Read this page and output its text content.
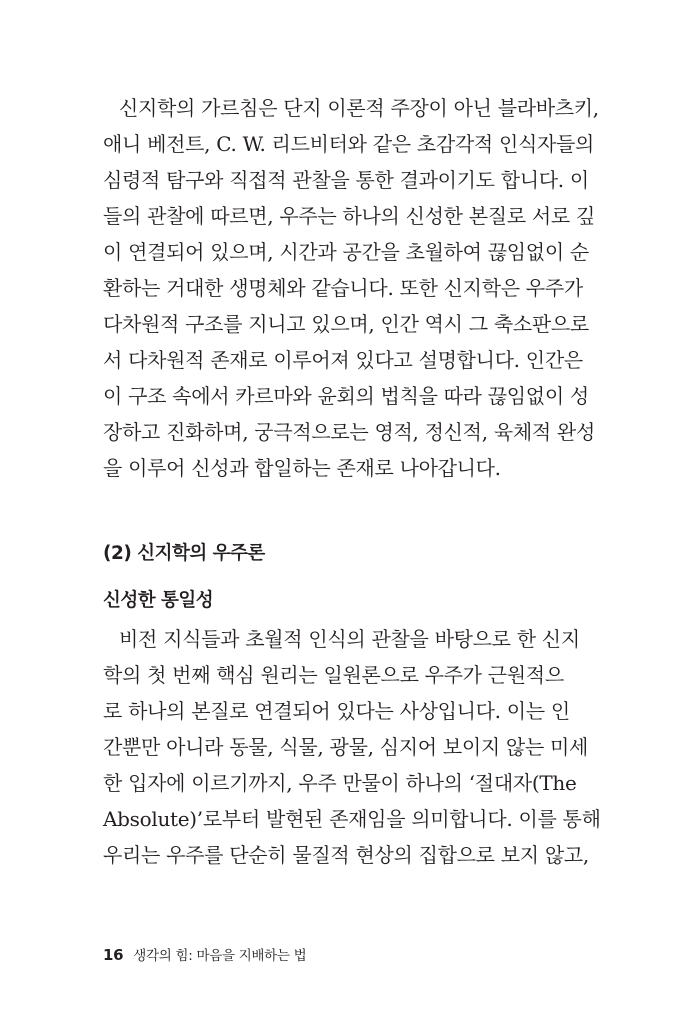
신지학의 가르침은 단지 이론적 주장이 아닌 블라바츠키,
애니 베전트, C. W. 리드비터와 같은 초감각적 인식자들의
심령적 탐구와 직접적 관찰을 통한 결과이기도 합니다. 이
들의 관찰에 따르면, 우주는 하나의 신성한 본질로 서로 깊
이 연결되어 있으며, 시간과 공간을 초월하여 끊임없이 순
환하는 거대한 생명체와 같습니다. 또한 신지학은 우주가
다차원적 구조를 지니고 있으며, 인간 역시 그 축소판으로
서 다차원적 존재로 이루어져 있다고 설명합니다. 인간은
이 구조 속에서 카르마와 윤회의 법칙을 따라 끊임없이 성
장하고 진화하며, 궁극적으로는 영적, 정신적, 육체적 완성
을 이루어 신성과 합일하는 존재로 나아갑니다.
(2) 신지학의 우주론
신성한 통일성
비전 지식들과 초월적 인식의 관찰을 바탕으로 한 신지
학의 첫 번째 핵심 원리는 일원론으로 우주가 근원적으
로 하나의 본질로 연결되어 있다는 사상입니다. 이는 인
간뿐만 아니라 동물, 식물, 광물, 심지어 보이지 않는 미세
한 입자에 이르기까지, 우주 만물이 하나의 ‘절대자(The
Absolute)’로부터 발현된 존재임을 의미합니다. 이를 통해
우리는 우주를 단순히 물질적 현상의 집합으로 보지 않고,
16 생각의 힘: 마음을 지배하는 법
